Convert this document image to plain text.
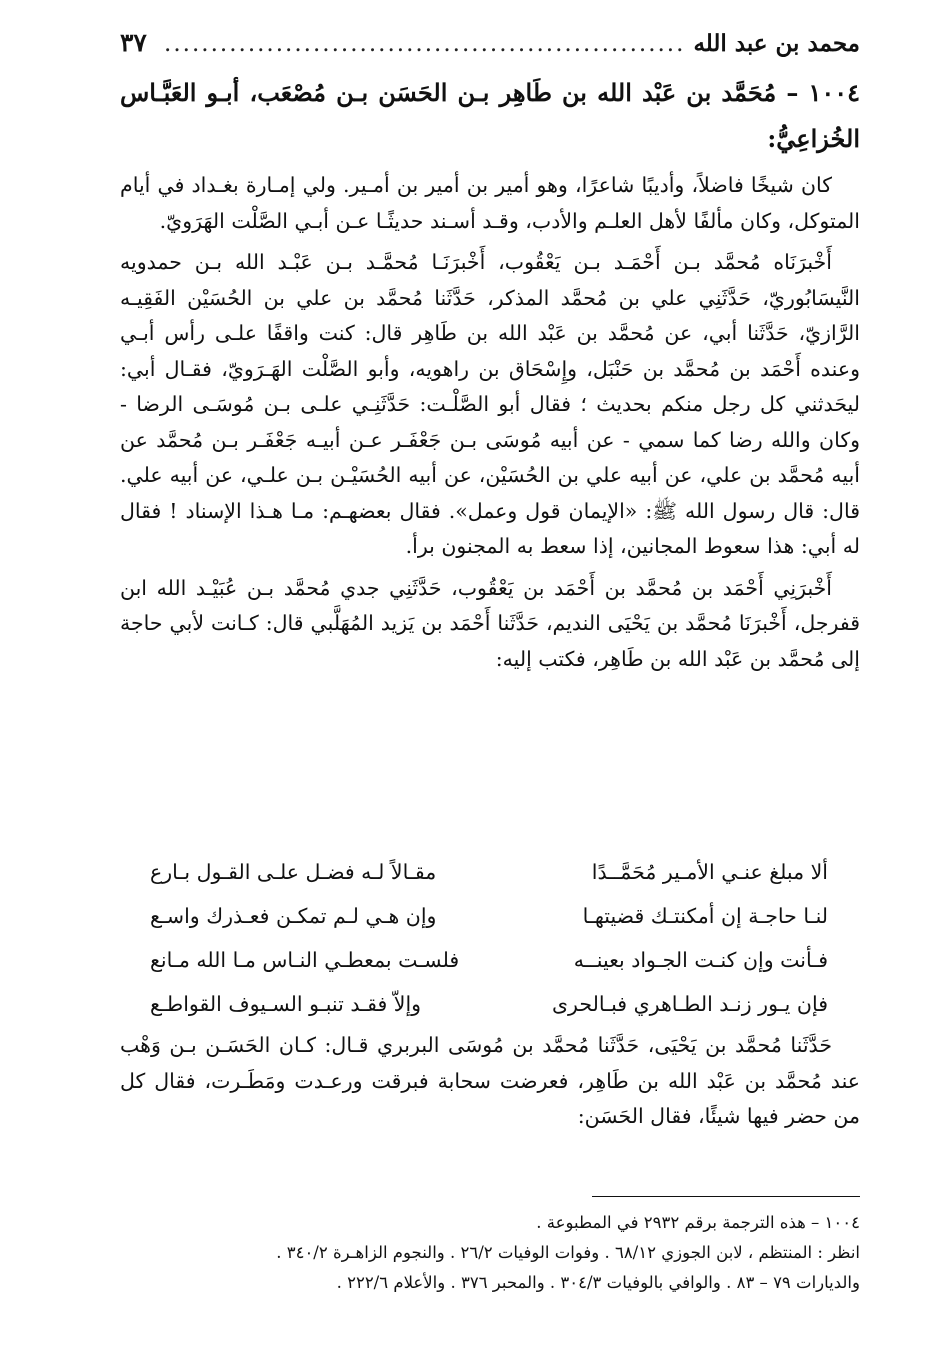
محمد بن عبد الله
........................................................
٣٧
١٠٠٤ – مُحَمَّد بن عَبْد الله بن طَاهِر بـن الحَسَن بـن مُصْعَب، أبـو العَبَّـاس الخُزاعِيُّ:

كان شيخًا فاضلاً، وأديبًا شاعرًا، وهو أمير بن أمير بن أمـير. ولي إمـارة بغـداد في أيام المتوكل، وكان مألفًا لأهل العلـم والأدب، وقـد أسـند حديثًـا عـن أبـي الصَّلْت الهَرَويّ.

أَخْبرَنَاه مُحمَّد بـن أَحْمَـد بـن يَعْقُوب، أَخْبرَنَـا مُحمَّـد بـن عَبْـد الله بـن حمدويه النَّيسَابُوريّ، حَدَّثَنِي علي بن مُحمَّد المذكر، حَدَّثَنا مُحمَّد بن علي بن الحُسَيْن الفَقِيـه الرَّازيّ، حَدَّثَنا أبي، عن مُحمَّد بن عَبْد الله بن طَاهِر قال: كنت واقفًا علـى رأس أبـي وعنده أَحْمَد بن مُحمَّد بن حَنْبَل، وإِسْحَاق بن راهويه، وأبو الصَّلْت الهَـرَويّ، فقـال أبي: ليحَدثني كل رجل منكم بحديث ؛ فقال أبو الصَّلْـت: حَدَّثَنِـي علـى بـن مُوسَـى الرضا - وكان والله رضا كما سمي - عن أبيه مُوسَى بـن جَعْفَـر عـن أبيـه جَعْفَـر بـن مُحمَّد عن أبيه مُحمَّد بن علي، عن أبيه علي بن الحُسَيْن، عن أبيه الحُسَيْـن بـن علـي، عن أبيه علي. قال: قال رسول الله ﷺ: «الإيمان قول وعمل». فقال بعضهـم: مـا هـذا الإسناد ! فقال له أبي: هذا سعوط المجانين، إذا سعط به المجنون برأ.

أَخْبرَنِي أَحْمَد بن مُحمَّد بن أَحْمَد بن يَعْقُوب، حَدَّثَنِي جدي مُحمَّد بـن عُبَيْـد الله ابن قفرجل، أَخْبرَنَا مُحمَّد بن يَحْيَى النديم، حَدَّثَنا أَحْمَد بن يَزيد المُهَلَّبي قال: كـانت لأبي حاجة إلى مُحمَّد بن عَبْد الله بن طَاهِر، فكتب إليه:

ألا مبلغ عنـي الأمـير مُحَمَّــدًا
مقـالاً لـه فضـل علـى القـول بـارع
لنـا حاجـة إن أمكنتـك قضيتهـا
وإن هـي لـم تمكـن فعـذرك واسـع
فـأنت وإن كنـت الجـواد بعينــه
فلسـت بمعطـي النـاس مـا الله مـانع
فإن يـور زنـد الطـاهري فبـالحرى
وإلاّ فقـد تنبـو السـيوف القواطـع

حَدَّثَنا مُحمَّد بن يَحْيَى، حَدَّثَنا مُحمَّد بن مُوسَى البربري قـال: كـان الحَسَـن بـن وَهْب عند مُحمَّد بن عَبْد الله بن طَاهِر، فعرضت سحابة فبرقت ورعـدت ومَطَـرت، فقال كل من حضر فيها شيئًا، فقال الحَسَن:

١٠٠٤ – هذه الترجمة برقم ٢٩٣٢ في المطبوعة .
انظر : المنتظم ، لابن الجوزي ٦٨/١٢ . وفوات الوفيات ٢٦/٢ . والنجوم الزاهـرة ٣٤٠/٢ .
والديارات ٧٩ – ٨٣ . والوافي بالوفيات ٣٠٤/٣ . والمحبر ٣٧٦ . والأعلام ٢٢٢/٦ .
